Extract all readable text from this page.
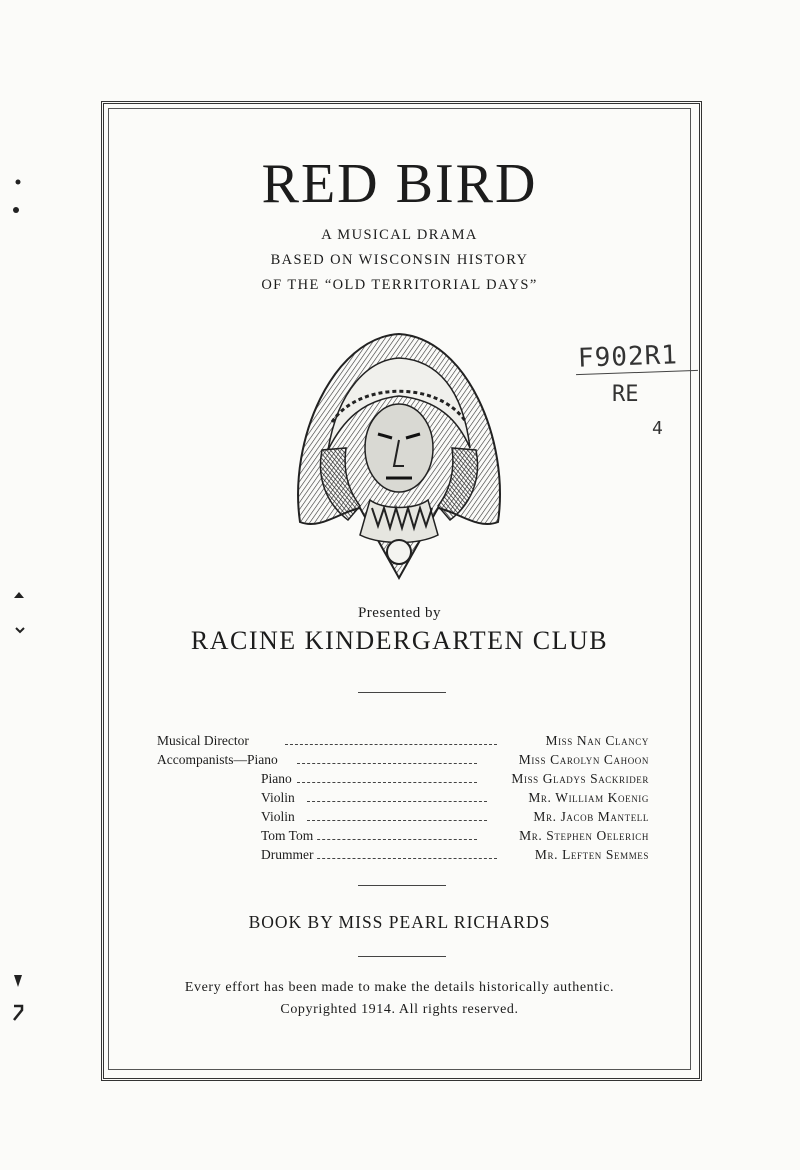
RED BIRD
A MUSICAL DRAMA
BASED ON WISCONSIN HISTORY
OF THE “OLD TERRITORIAL DAYS”
Presented by
RACINE KINDERGARTEN CLUB
Musical Director	Miss Nan Clancy
Accompanists—Piano	Miss Carolyn Cahoon
Piano	Miss Gladys Sackrider
Violin	Mr. William Koenig
Violin	Mr. Jacob Mantell
Tom Tom	Mr. Stephen Oelerich
Drummer	Mr. Leften Semmes
BOOK BY MISS PEARL RICHARDS
Every effort has been made to make the details historically authentic.
Copyrighted 1914. All rights reserved.
F902R1
RE
4
